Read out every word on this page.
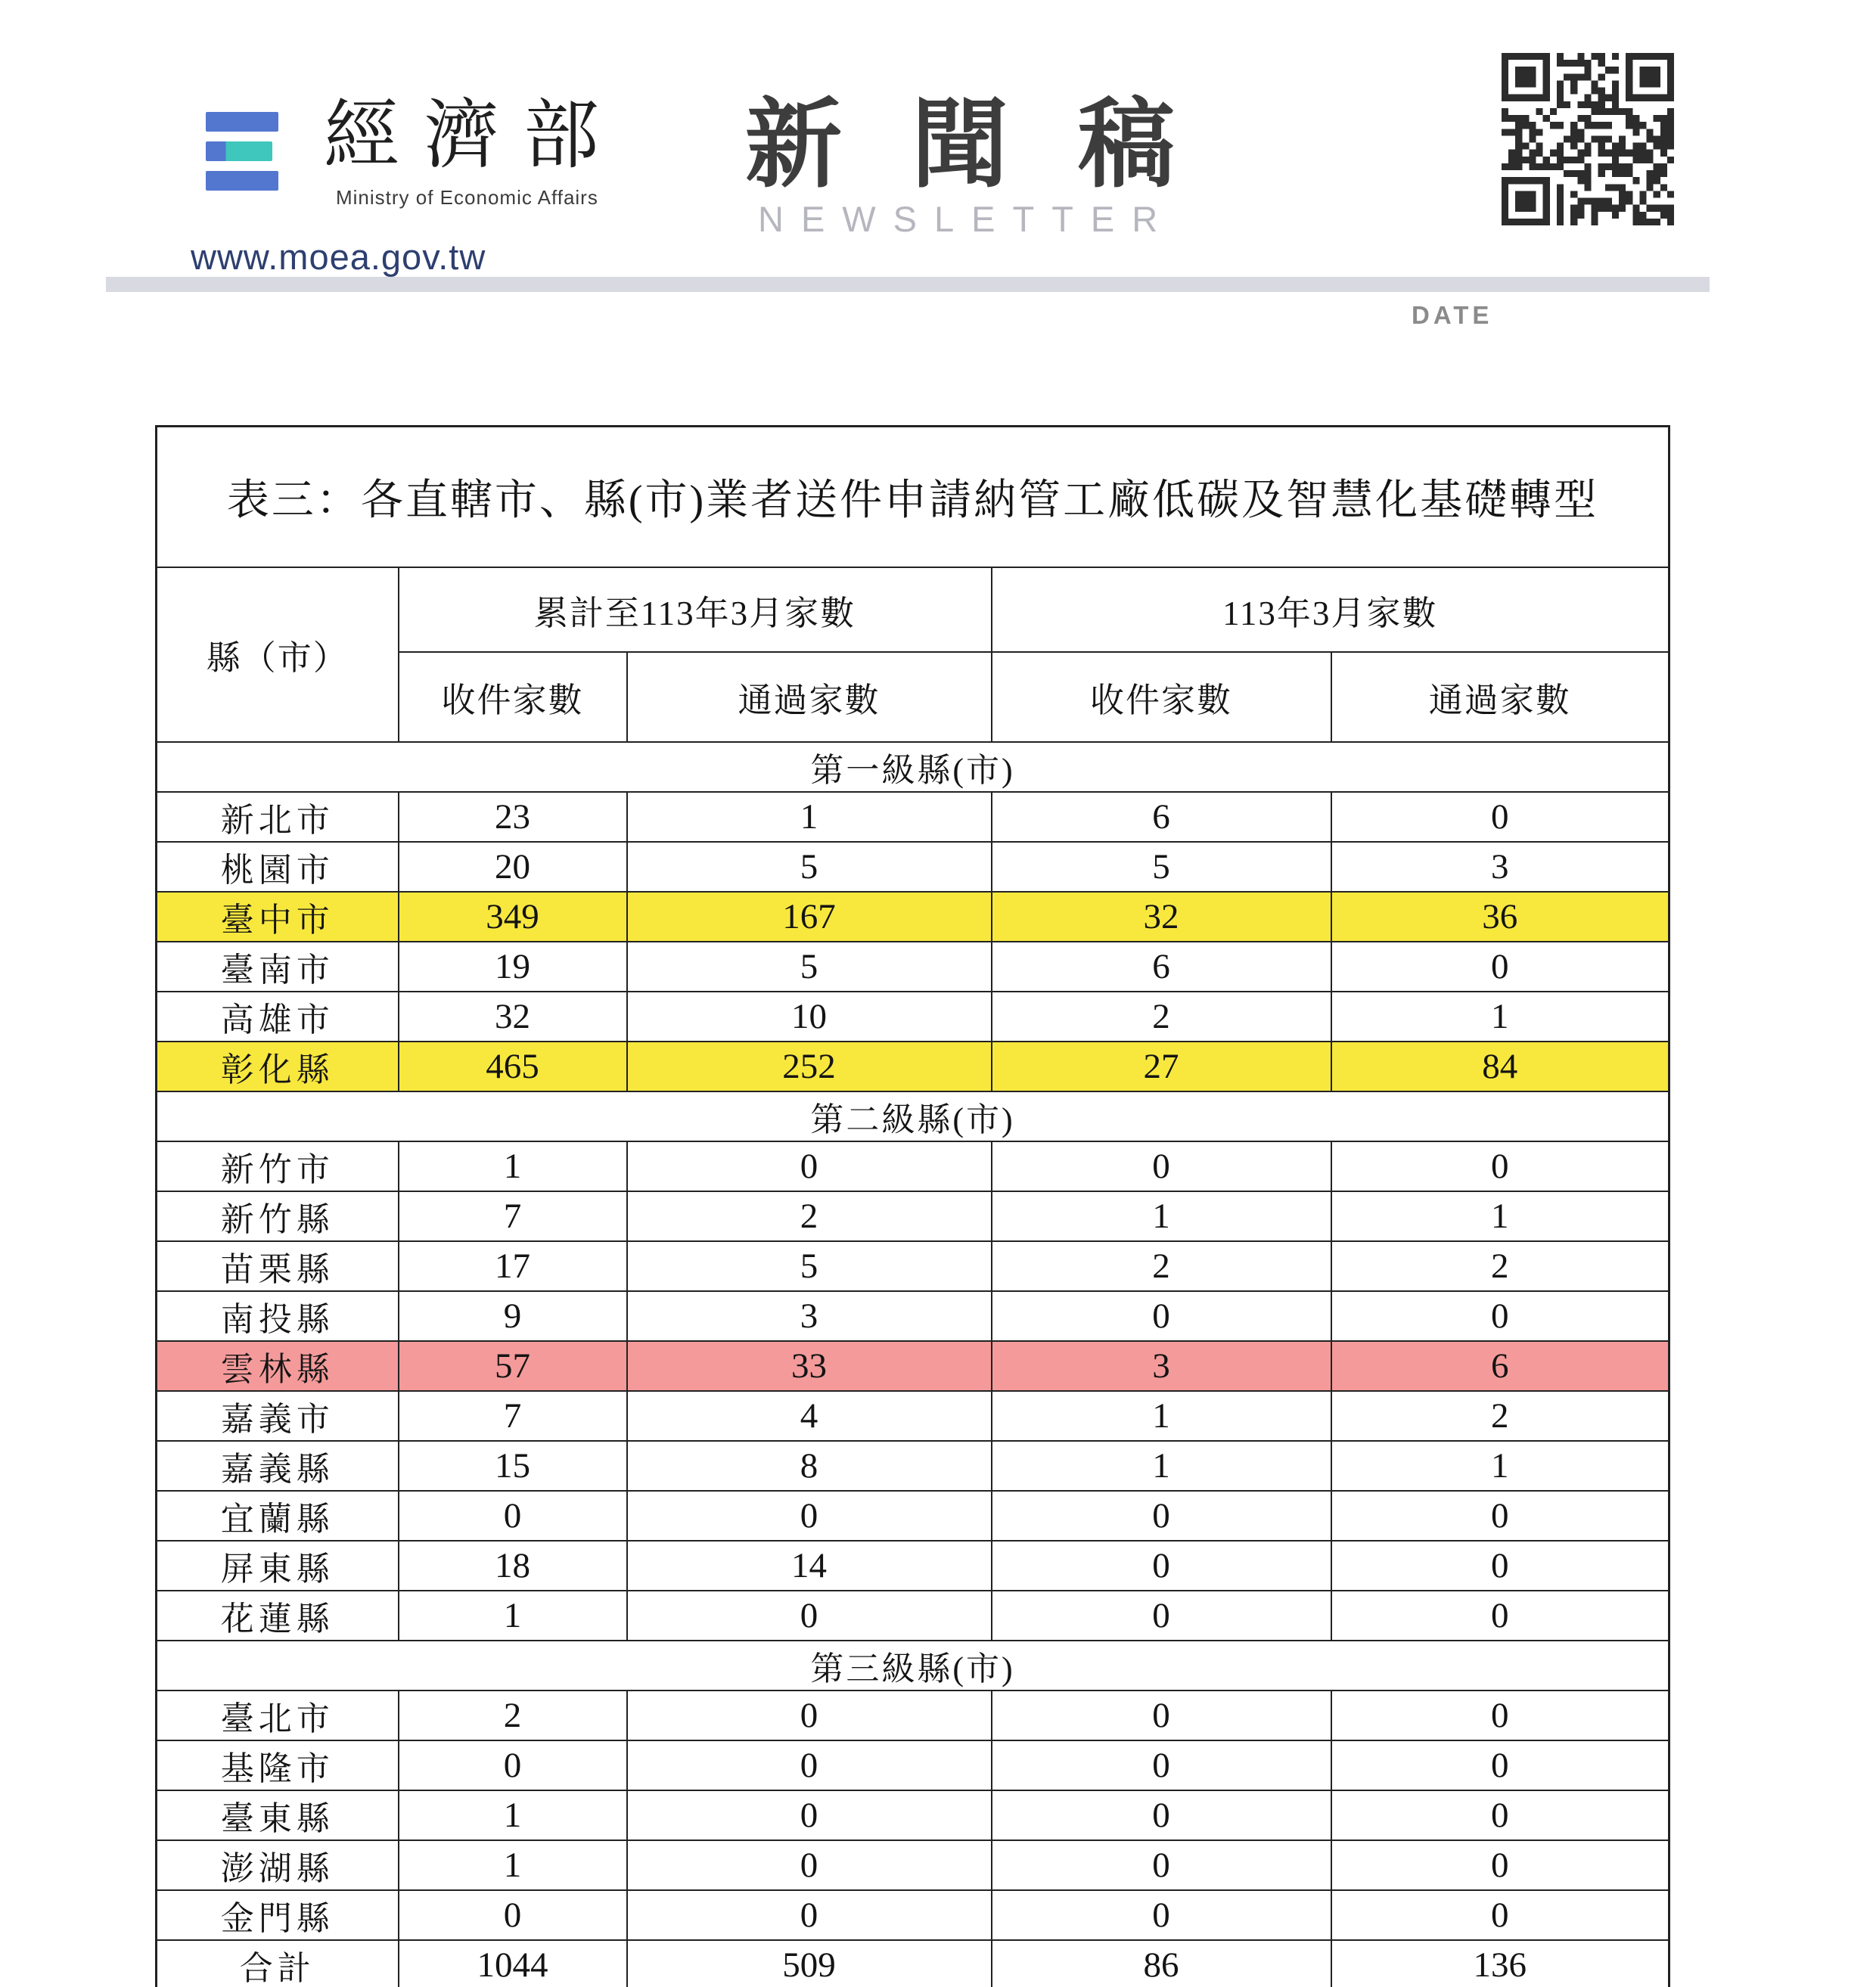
經濟部
Ministry of Economic Affairs
www.moea.gov.tw
新聞稿
NEWSLETTER
DATE
表三：各直轄市、縣(市)業者送件申請納管工廠低碳及智慧化基礎轉型				
縣（市）	累計至113年3月家數		113年3月家數	
	收件家數	通過家數	收件家數	通過家數
第一級縣(市)				
新北市	23	1	6	0
桃園市	20	5	5	3
臺中市	349	167	32	36
臺南市	19	5	6	0
高雄市	32	10	2	1
彰化縣	465	252	27	84
第二級縣(市)				
新竹市	1	0	0	0
新竹縣	7	2	1	1
苗栗縣	17	5	2	2
南投縣	9	3	0	0
雲林縣	57	33	3	6
嘉義市	7	4	1	2
嘉義縣	15	8	1	1
宜蘭縣	0	0	0	0
屏東縣	18	14	0	0
花蓮縣	1	0	0	0
第三級縣(市)				
臺北市	2	0	0	0
基隆市	0	0	0	0
臺東縣	1	0	0	0
澎湖縣	1	0	0	0
金門縣	0	0	0	0
合計	1044	509	86	136
